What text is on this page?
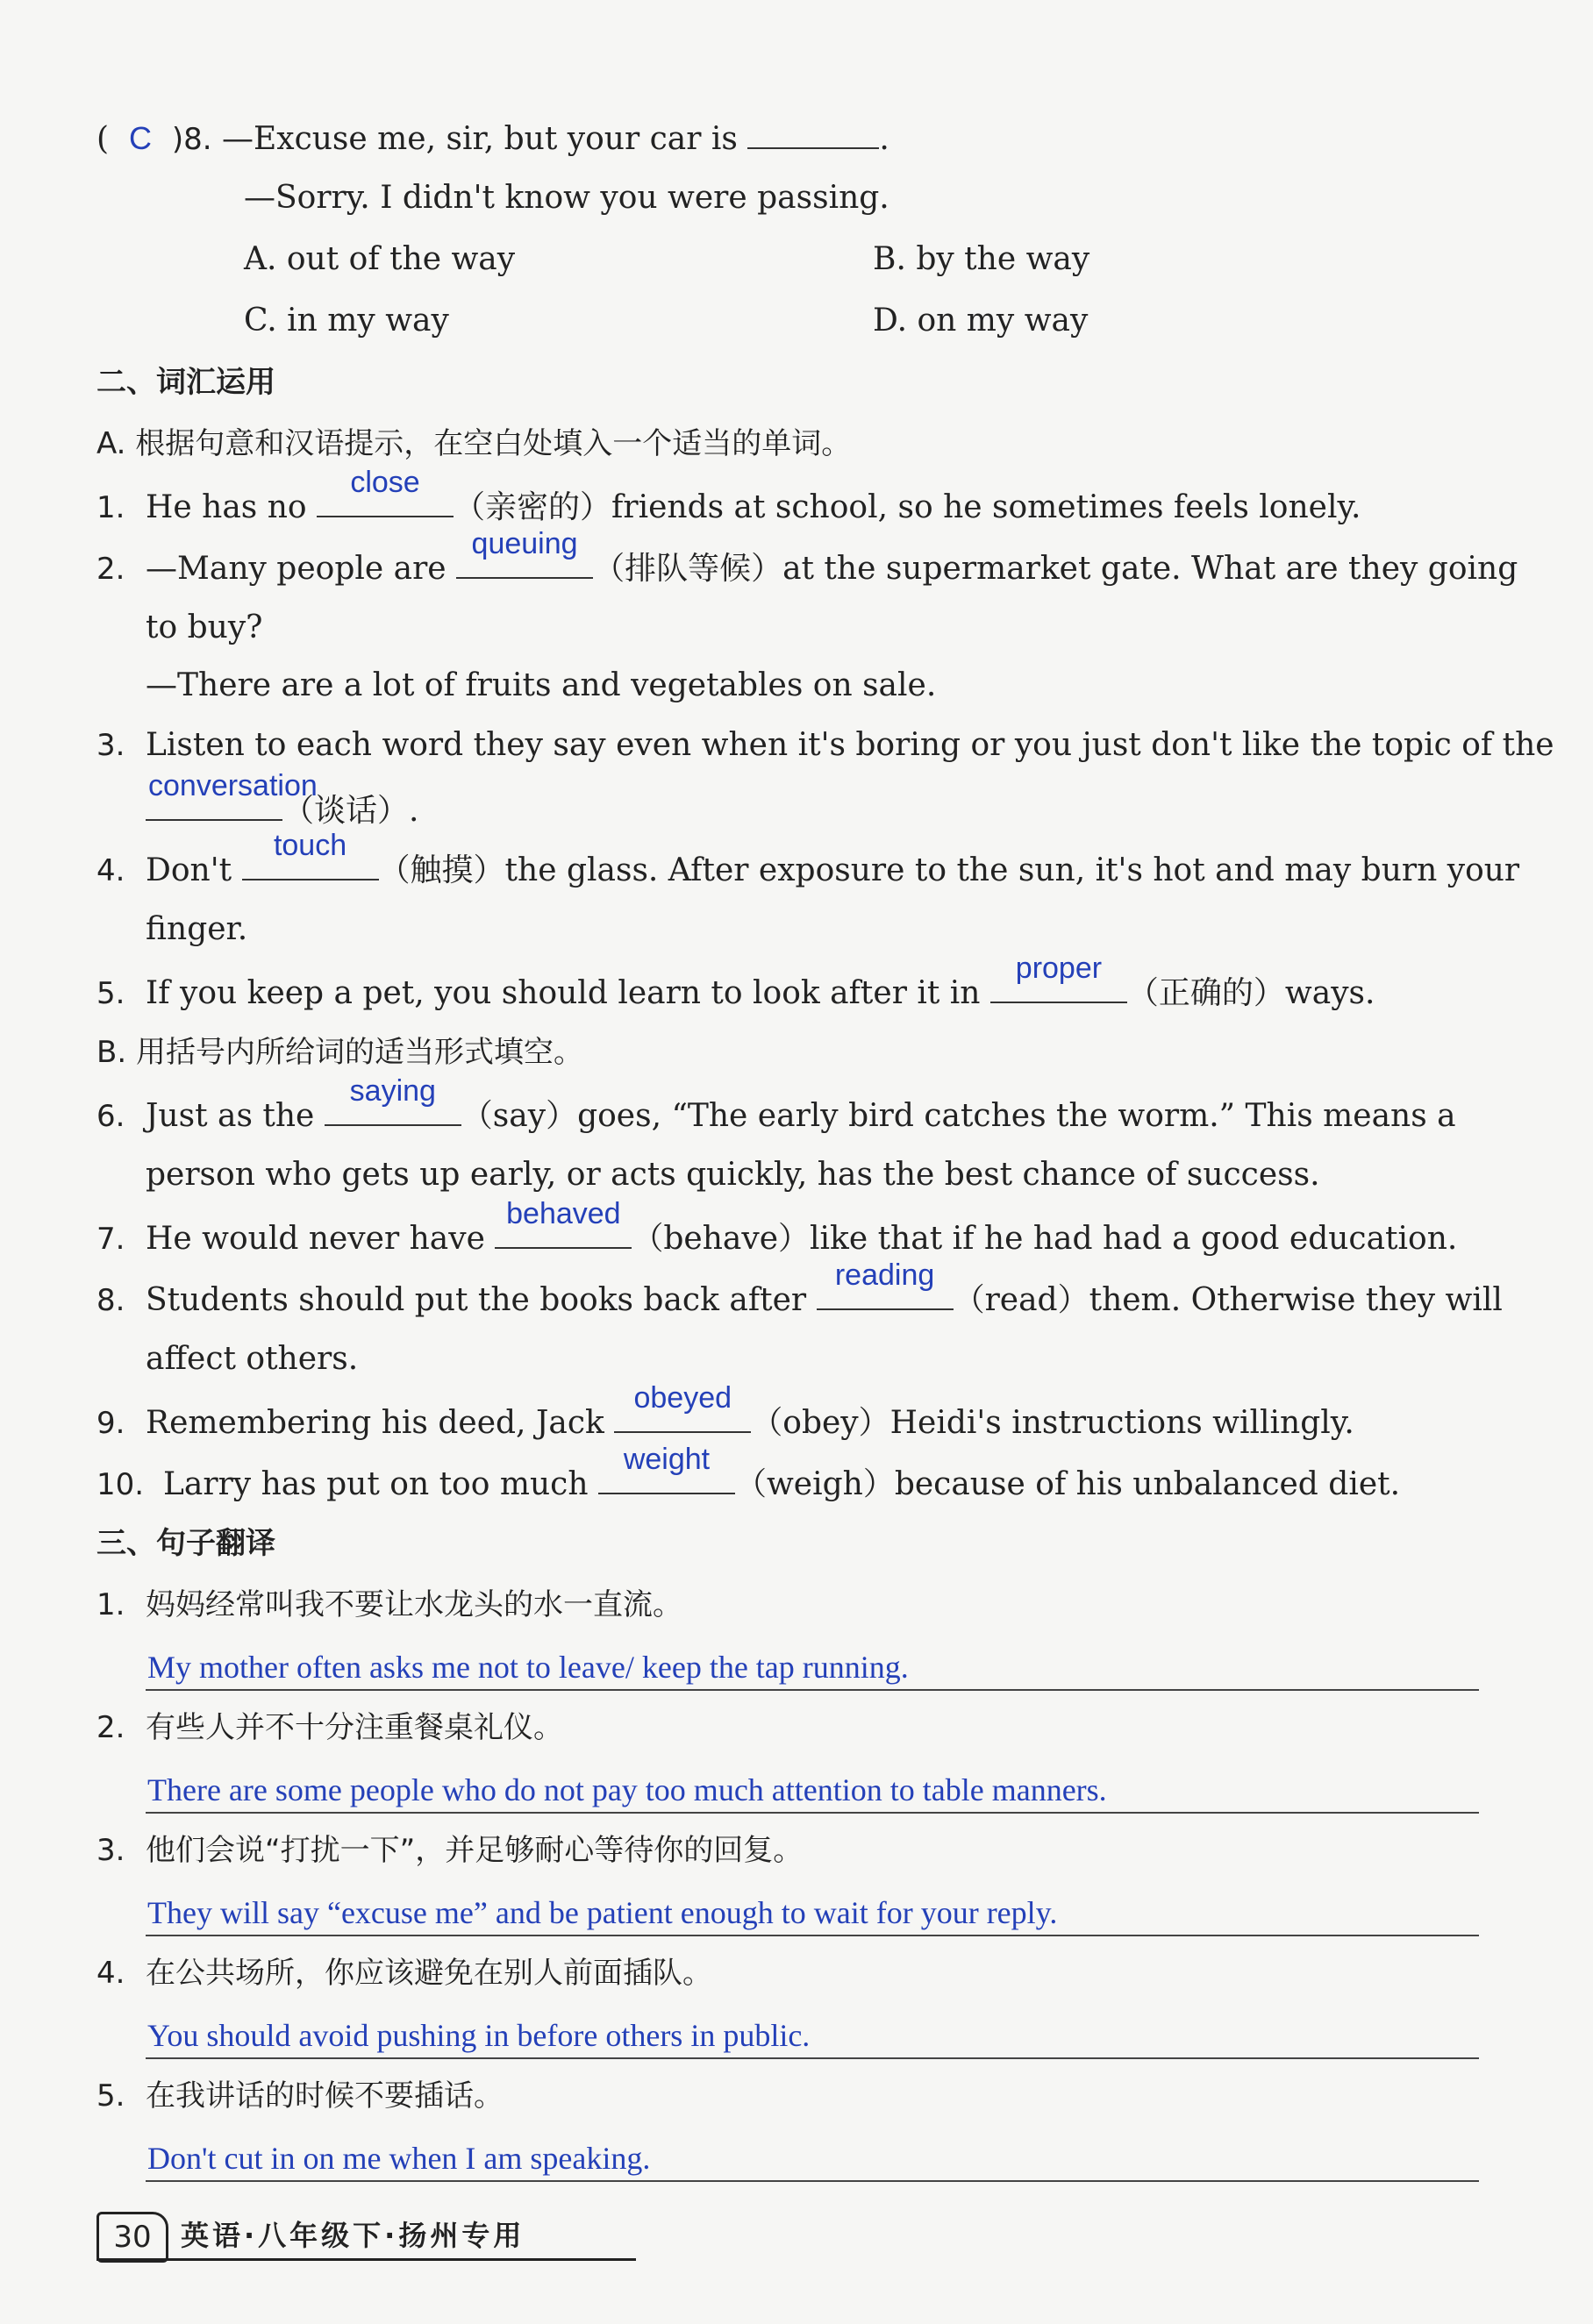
(  C )8. —Excuse me, sir, but your car is	.
—Sorry. I didn't know you were passing.
A. out of the way	B. by the way
C. in my way	D. on my way
二、词汇运用
A. 根据句意和汉语提示，在空白处填入一个适当的单词。
1. He has no
close
（亲密的）friends at school, so he sometimes feels lonely.
2. —Many people are
queuing
（排队等候）at the supermarket gate. What are they going
to buy?
—There are a lot of fruits and vegetables on sale.
3. Listen to each word they say even when it's boring or you just don't like the topic of the
conversation
（谈话）.
4. Don't
touch
（触摸）the glass. After exposure to the sun, it's hot and may burn your
finger.
5. If you keep a pet, you should learn to look after it in
proper
（正确的）ways.
B. 用括号内所给词的适当形式填空。
6. Just as the
saying
（say）goes, “The early bird catches the worm.” This means a
person who gets up early, or acts quickly, has the best chance of success.
7. He would never have
behaved
（behave）like that if he had had a good education.
8. Students should put the books back after
reading
（read）them. Otherwise they will
affect others.
9. Remembering his deed, Jack
obeyed
（obey）Heidi's instructions willingly.
10. Larry has put on too much
weight
（weigh）because of his unbalanced diet.
三、句子翻译
1. 妈妈经常叫我不要让水龙头的水一直流。
My mother often asks me not to leave/ keep the tap running.
2. 有些人并不十分注重餐桌礼仪。
There are some people who do not pay too much attention to table manners.
3. 他们会说“打扰一下”，并足够耐心等待你的回复。
They will say “excuse me” and be patient enough to wait for your reply.
4. 在公共场所，你应该避免在别人前面插队。
You should avoid pushing in before others in public.
5. 在我讲话的时候不要插话。
Don't cut in on me when I am speaking.
30	英语·八年级下·扬州专用
